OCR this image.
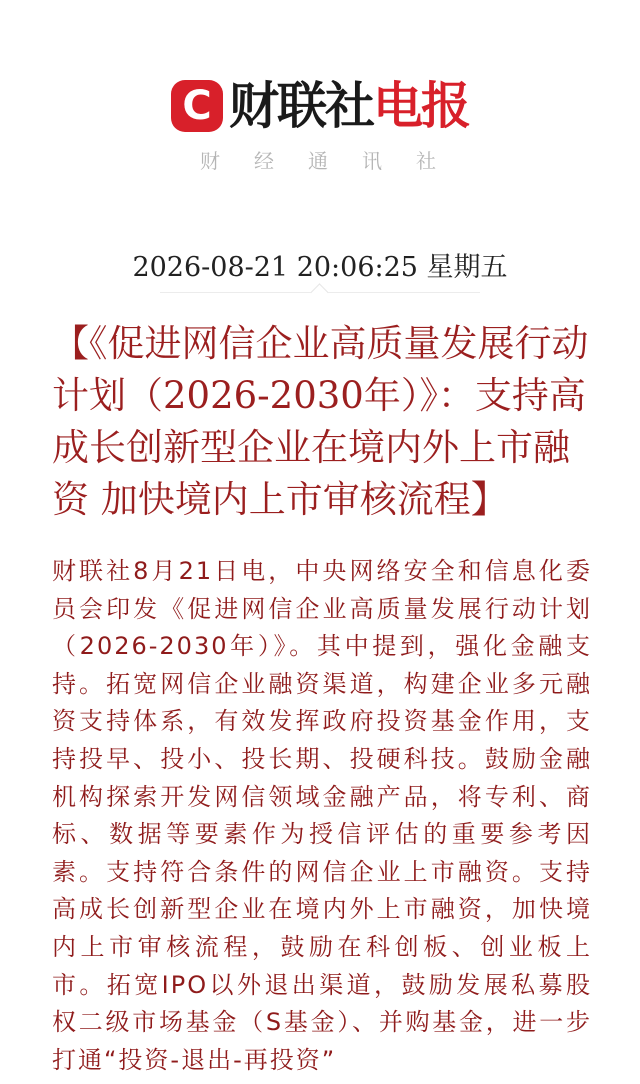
C 财联社电报
财经通讯社
2026-08-21 20:06:25 星期五
【《促进网信企业高质量发展行动计划（2026-2030年）》：支持高成长创新型企业在境内外上市融资 加快境内上市审核流程】

财联社8月21日电，中央网络安全和信息化委员会印发《促进网信企业高质量发展行动计划（2026-2030年）》。其中提到，强化金融支持。拓宽网信企业融资渠道，构建企业多元融资支持体系，有效发挥政府投资基金作用，支持投早、投小、投长期、投硬科技。鼓励金融机构探索开发网信领域金融产品，将专利、商标、数据等要素作为授信评估的重要参考因素。支持符合条件的网信企业上市融资。支持高成长创新型企业在境内外上市融资，加快境内上市审核流程，鼓励在科创板、创业板上市。拓宽IPO以外退出渠道，鼓励发展私募股权二级市场基金（S基金）、并购基金，进一步打通“投资-退出-再投资”
